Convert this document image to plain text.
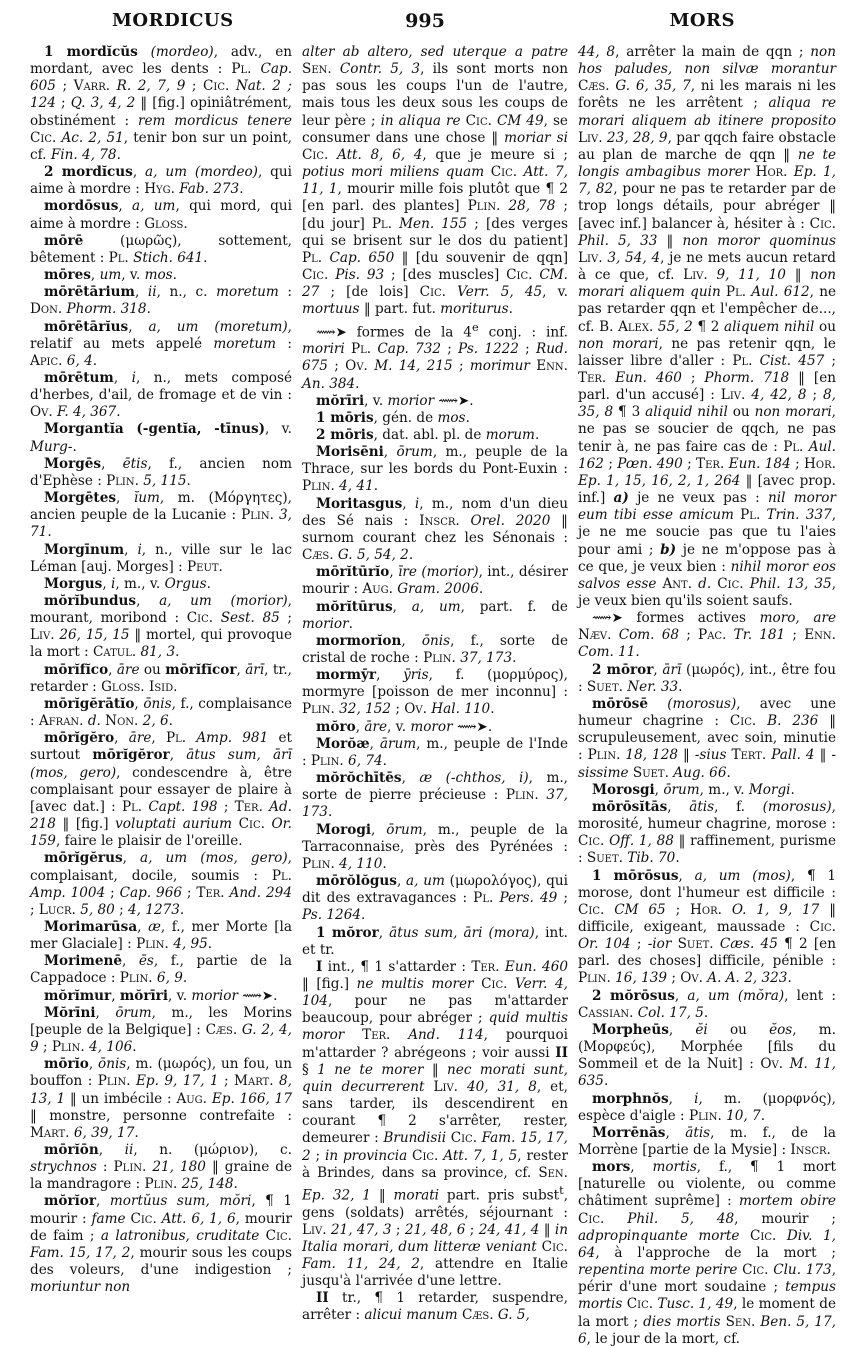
MORDICUS	995	MORS

1 mordĭcŭs (mordeo), adv., en mordant, avec les dents : Pl. Cap. 605 ; Varr. R. 2, 7, 9 ; Cic. Nat. 2 ; 124 ; Q. 3, 4, 2 ‖ [fig.] opiniâtrément, obstinément : rem mordicus tenere Cic. Ac. 2, 51, tenir bon sur un point, cf. Fin. 4, 78.

2 mordĭcus, a, um (mordeo), qui aime à mordre : Hyg. Fab. 273.

mordōsus, a, um, qui mord, qui aime à mordre : Gloss.

mōrē (μωρῶς), sottement, bêtement : Pl. Stich. 641.

mōres, um, v. mos.

mōrētārium, ii, n., c. moretum : Don. Phorm. 318.

mōrētārĭus, a, um (moretum), relatif au mets appelé moretum : Apic. 6, 4.

mōrētum, i, n., mets composé d'herbes, d'ail, de fromage et de vin : Ov. F. 4, 367.

Morgantĭa (-gentĭa, -tīnus), v. Murg-.

Morgēs, ētis, f., ancien nom d'Ephèse : Plin. 5, 115.

Morgētes, ĭum, m. (Μόργητες), ancien peuple de la Lucanie : Plin. 3, 71.

Morgīnum, i, n., ville sur le lac Léman [auj. Morges] : Peut.

Morgus, i, m., v. Orgus.

mŏrĭbundus, a, um (morior), mourant, moribond : Cic. Sest. 85 ; Liv. 26, 15, 15 ‖ mortel, qui provoque la mort : Catul. 81, 3.

mōrĭfĭco, āre ou mōrĭfĭcor, ārī, tr., retarder : Gloss. Isid.

mōrĭgĕrātĭo, ōnis, f., complaisance : Afran. d. Non. 2, 6.

mōrĭgĕro, āre, Pl. Amp. 981 et surtout mōrĭgĕror, ātus sum, ārī (mos, gero), condescendre à, être complaisant pour essayer de plaire à [avec dat.] : Pl. Capt. 198 ; Ter. Ad. 218 ‖ [fig.] voluptati aurium Cic. Or. 159, faire le plaisir de l'oreille.

mōrĭgĕrus, a, um (mos, gero), complaisant, docile, soumis : Pl. Amp. 1004 ; Cap. 966 ; Ter. And. 294 ; Lucr. 5, 80 ; 4, 1273.

Morimarūsa, æ, f., mer Morte [la mer Glaciale] : Plin. 4, 95.

Morimenē, ēs, f., partie de la Cappadoce : Plin. 6, 9.

mŏrĭmur, mŏrīri, v. morior ⟿➤.

Mŏrīni, ōrum, m., les Morins [peuple de la Belgique] : Cæs. G. 2, 4, 9 ; Plin. 4, 106.

mōrĭo, ōnis, m. (μωρός), un fou, un bouffon : Plin. Ep. 9, 17, 1 ; Mart. 8, 13, 1 ‖ un imbécile : Aug. Ep. 166, 17 ‖ monstre, personne contrefaite : Mart. 6, 39, 17.

mōrĭōn, ii, n. (μώριον), c. strychnos : Plin. 21, 180 ‖ graine de la mandragore : Plin. 25, 148.

mŏrĭor, mortŭus sum, mŏri, ¶ 1 mourir : fame Cic. Att. 6, 1, 6, mourir de faim ; a latronibus, cruditate Cic. Fam. 15, 17, 2, mourir sous les coups des voleurs, d'une indigestion ; moriuntur non

alter ab altero, sed uterque a patre Sen. Contr. 5, 3, ils sont morts non pas sous les coups l'un de l'autre, mais tous les deux sous les coups de leur père ; in aliqua re Cic. CM 49, se consumer dans une chose ‖ moriar si Cic. Att. 8, 6, 4, que je meure si ; potius mori miliens quam Cic. Att. 7, 11, 1, mourir mille fois plutôt que ¶ 2 [en parl. des plantes] Plin. 28, 78 ; [du jour] Pl. Men. 155 ; [des verges qui se brisent sur le dos du patient] Pl. Cap. 650 ‖ [du souvenir de qqn] Cic. Pis. 93 ; [des muscles] Cic. CM. 27 ; [de lois] Cic. Verr. 5, 45, v. mortuus ‖ part. fut. moriturus.

⟿➤ formes de la 4e conj. : inf. moriri Pl. Cap. 732 ; Ps. 1222 ; Rud. 675 ; Ov. M. 14, 215 ; morimur Enn. An. 384.

mŏrīri, v. morior ⟿➤.

1 mōris, gén. de mos.

2 mōris, dat. abl. pl. de morum.

Morisēni, ōrum, m., peuple de la Thrace, sur les bords du Pont-Euxin : Plin. 4, 41.

Moritasgus, i, m., nom d'un dieu des Sé nais : Inscr. Orel. 2020 ‖ surnom courant chez les Sénonais : Cæs. G. 5, 54, 2.

mōrĭtūrĭo, īre (morior), int., désirer mourir : Aug. Gram. 2006.

mŏrĭtūrus, a, um, part. f. de morior.

mormorĭon, ōnis, f., sorte de cristal de roche : Plin. 37, 173.

mormȳr, ȳris, f. (μορμύρος), mormyre [poisson de mer inconnu] : Plin. 32, 152 ; Ov. Hal. 110.

mŏro, āre, v. moror ⟿➤.

Morŏæ, ārum, m., peuple de l'Inde : Plin. 6, 74.

mŏrŏchītēs, æ (-chthos, i), m., sorte de pierre précieuse : Plin. 37, 173.

Morogi, ōrum, m., peuple de la Tarraconnaise, près des Pyrénées : Plin. 4, 110.

mōrŏlŏgus, a, um (μωρολόγος), qui dit des extravagances : Pl. Pers. 49 ; Ps. 1264.

1 mŏror, ātus sum, āri (mora), int. et tr.

I int., ¶ 1 s'attarder : Ter. Eun. 460 ‖ [fig.] ne multis morer Cic. Verr. 4, 104, pour ne pas m'attarder beaucoup, pour abréger ; quid multis moror Ter. And. 114, pourquoi m'attarder ? abrégeons ; voir aussi II § 1 ne te morer ‖ nec morati sunt, quin decurrerent Liv. 40, 31, 8, et, sans tarder, ils descendirent en courant ¶ 2 s'arrêter, rester, demeurer : Brundisii Cic. Fam. 15, 17, 2 ; in provincia Cic. Att. 7, 1, 5, rester à Brindes, dans sa province, cf. Sen. Ep. 32, 1 ‖ morati part. pris subst$^t$, gens (soldats) arrêtés, séjournant : Liv. 21, 47, 3 ; 21, 48, 6 ; 24, 41, 4 ‖ in Italia morari, dum litteræ veniant Cic. Fam. 11, 24, 2, attendre en Italie jusqu'à l'arrivée d'une lettre.

II tr., ¶ 1 retarder, suspendre, arrêter : alicui manum Cæs. G. 5,

44, 8, arrêter la main de qqn ; non hos paludes, non silvæ morantur Cæs. G. 6, 35, 7, ni les marais ni les forêts ne les arrêtent ; aliqua re morari aliquem ab itinere proposito Liv. 23, 28, 9, par qqch faire obstacle au plan de marche de qqn ‖ ne te longis ambagibus morer Hor. Ep. 1, 7, 82, pour ne pas te retarder par de trop longs détails, pour abréger ‖ [avec inf.] balancer à, hésiter à : Cic. Phil. 5, 33 ‖ non moror quominus Liv. 3, 54, 4, je ne mets aucun retard à ce que, cf. Liv. 9, 11, 10 ‖ non morari aliquem quin Pl. Aul. 612, ne pas retarder qqn et l'empêcher de..., cf. B. Alex. 55, 2 ¶ 2 aliquem nihil ou non morari, ne pas retenir qqn, le laisser libre d'aller : Pl. Cist. 457 ; Ter. Eun. 460 ; Phorm. 718 ‖ [en parl. d'un accusé] : Liv. 4, 42, 8 ; 8, 35, 8 ¶ 3 aliquid nihil ou non morari, ne pas se soucier de qqch, ne pas tenir à, ne pas faire cas de : Pl. Aul. 162 ; Pœn. 490 ; Ter. Eun. 184 ; Hor. Ep. 1, 15, 16, 2, 1, 264 ‖ [avec prop. inf.] a) je ne veux pas : nil moror eum tibi esse amicum Pl. Trin. 337, je ne me soucie pas que tu l'aies pour ami ; b) je ne m'oppose pas à ce que, je veux bien : nihil moror eos salvos esse Ant. d. Cic. Phil. 13, 35, je veux bien qu'ils soient saufs.

⟿➤ formes actives moro, are Næv. Com. 68 ; Pac. Tr. 181 ; Enn. Com. 11.

2 mōror, ārī (μωρός), int., être fou : Suet. Ner. 33.

mōrōsē (morosus), avec une humeur chagrine : Cic. B. 236 ‖ scrupuleusement, avec soin, minutie : Plin. 18, 128 ‖ -sius Tert. Pall. 4 ‖ -sissime Suet. Aug. 66.

Morosgi, ōrum, m., v. Morgi.

mōrōsĭtās, ātis, f. (morosus), morosité, humeur chagrine, morose : Cic. Off. 1, 88 ‖ raffinement, purisme : Suet. Tib. 70.

1 mōrōsus, a, um (mos), ¶ 1 morose, dont l'humeur est difficile : Cic. CM 65 ; Hor. O. 1, 9, 17 ‖ difficile, exigeant, maussade : Cic. Or. 104 ; -ior Suet. Cæs. 45 ¶ 2 [en parl. des choses] difficile, pénible : Plin. 16, 139 ; Ov. A. A. 2, 323.

2 mŏrōsus, a, um (mŏra), lent : Cassian. Col. 17, 5.

Morpheūs, ĕi ou ĕos, m. (Μορφεύς), Morphée [fils du Sommeil et de la Nuit] : Ov. M. 11, 635.

morphnŏs, i, m. (μορφνός), espèce d'aigle : Plin. 10, 7.

Morrēnās, ātis, m. f., de la Morrène [partie de la Mysie] : Inscr.

mors, mortis, f., ¶ 1 mort [naturelle ou violente, ou comme châtiment suprême] : mortem obire Cic. Phil. 5, 48, mourir ; adpropinquante morte Cic. Div. 1, 64, à l'approche de la mort ; repentina morte perire Cic. Clu. 173, périr d'une mort soudaine ; tempus mortis Cic. Tusc. 1, 49, le moment de la mort ; dies mortis Sen. Ben. 5, 17, 6, le jour de la mort, cf.
